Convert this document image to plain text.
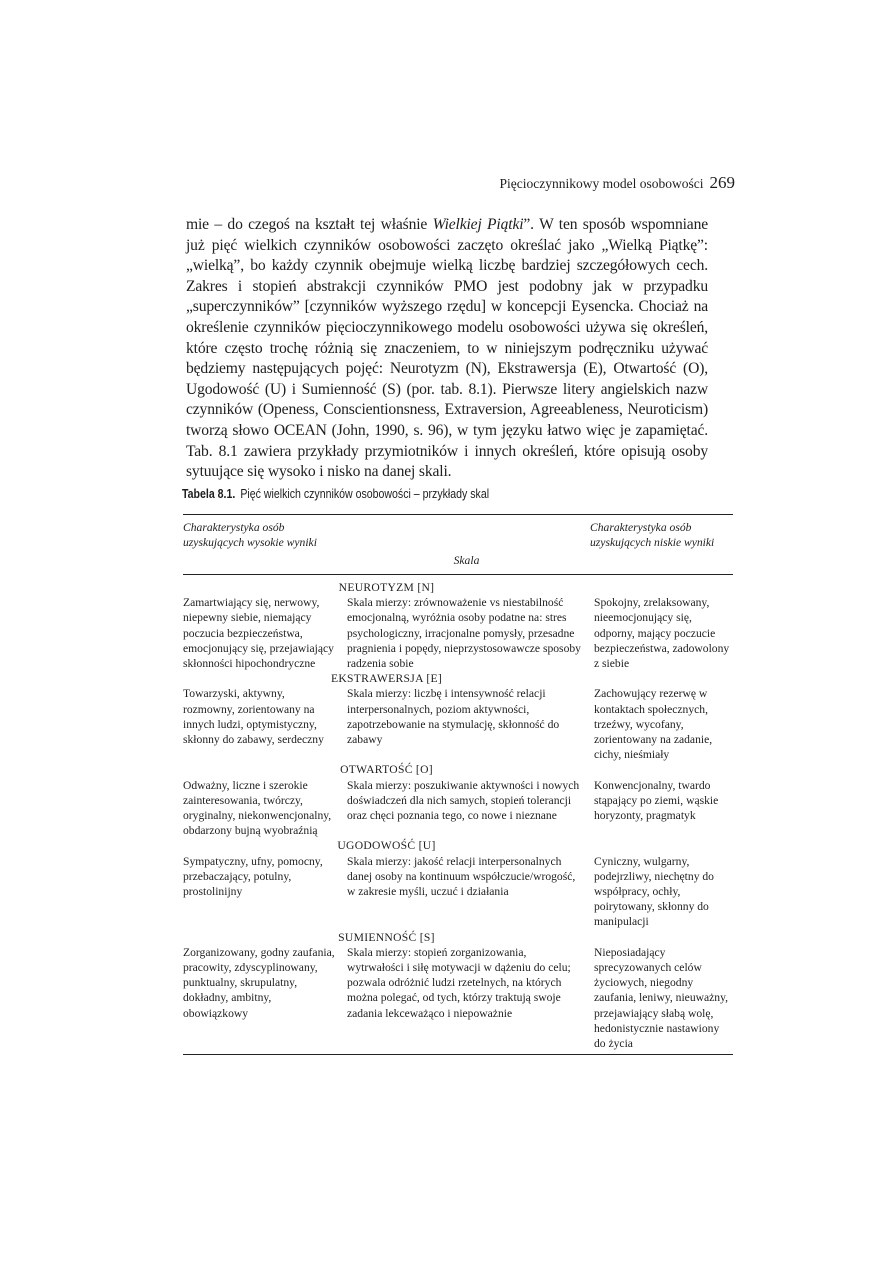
Pięcioczynnikowy model osobowości 269

mie – do czegoś na kształt tej właśnie Wielkiej Piątki”. W ten sposób wspomniane już pięć wielkich czynników osobowości zaczęto określać jako „Wielką Piątkę”: „wielką”, bo każdy czynnik obejmuje wielką liczbę bardziej szczegółowych cech. Zakres i stopień abstrakcji czynników PMO jest podobny jak w przypadku „superczynników” [czynników wyższego rzędu] w koncepcji Eysencka. Chociaż na określenie czynników pięcioczynnikowego modelu osobowości używa się określeń, które często trochę różnią się znaczeniem, to w niniejszym podręczniku używać będziemy następujących pojęć: Neurotyzm (N), Ekstrawersja (E), Otwartość (O), Ugodowość (U) i Sumienność (S) (por. tab. 8.1). Pierwsze litery angielskich nazw czynników (Openess, Conscientionsness, Extraversion, Agreeableness, Neuroticism) tworzą słowo OCEAN (John, 1990, s. 96), w tym języku łatwo więc je zapamiętać. Tab. 8.1 zawiera przykłady przymiotników i innych określeń, które opisują osoby sytuujące się wysoko i nisko na danej skali.

Tabela 8.1. Pięć wielkich czynników osobowości – przykłady skal
Charakterystyka osób uzyskujących wysokie wyniki
Skala
Charakterystyka osób uzyskujących niskie wyniki
NEUROTYZM [N]
Zamartwiający się, nerwowy, niepewny siebie, niemający poczucia bezpieczeństwa, emocjonujący się, przejawiający skłonności hipochondryczne
Skala mierzy: zrównoważenie vs niestabilność emocjonalną, wyróżnia osoby podatne na: stres psychologiczny, irracjonalne pomysły, przesadne pragnienia i popędy, nieprzystosowawcze sposoby radzenia sobie
Spokojny, zrelaksowany, nieemocjonujący się, odporny, mający poczucie bezpieczeństwa, zadowolony z siebie
EKSTRAWERSJA [E]
Towarzyski, aktywny, rozmowny, zorientowany na innych ludzi, optymistyczny, skłonny do zabawy, serdeczny
Skala mierzy: liczbę i intensywność relacji interpersonalnych, poziom aktywności, zapotrzebowanie na stymulację, skłonność do zabawy
Zachowujący rezerwę w kontaktach społecznych, trzeźwy, wycofany, zorientowany na zadanie, cichy, nieśmiały
OTWARTOŚĆ [O]
Odważny, liczne i szerokie zainteresowania, twórczy, oryginalny, niekonwencjonalny, obdarzony bujną wyobraźnią
Skala mierzy: poszukiwanie aktywności i nowych doświadczeń dla nich samych, stopień tolerancji oraz chęci poznania tego, co nowe i nieznane
Konwencjonalny, twardo stąpający po ziemi, wąskie horyzonty, pragmatyk
UGODOWOŚĆ [U]
Sympatyczny, ufny, pomocny, przebaczający, potulny, prostolinijny
Skala mierzy: jakość relacji interpersonalnych danej osoby na kontinuum współczucie/wrogość, w zakresie myśli, uczuć i działania
Cyniczny, wulgarny, podejrzliwy, niechętny do współpracy, ochły, poirytowany, skłonny do manipulacji
SUMIENNOŚĆ [S]
Zorganizowany, godny zaufania, pracowity, zdyscyplinowany, punktualny, skrupulatny, dokładny, ambitny, obowiązkowy
Skala mierzy: stopień zorganizowania, wytrwałości i siłę motywacji w dążeniu do celu; pozwala odróżnić ludzi rzetelnych, na których można polegać, od tych, którzy traktują swoje zadania lekceważąco i niepoważnie
Nieposiadający sprecyzowanych celów życiowych, niegodny zaufania, leniwy, nieuważny, przejawiający słabą wolę, hedonistycznie nastawiony do życia
